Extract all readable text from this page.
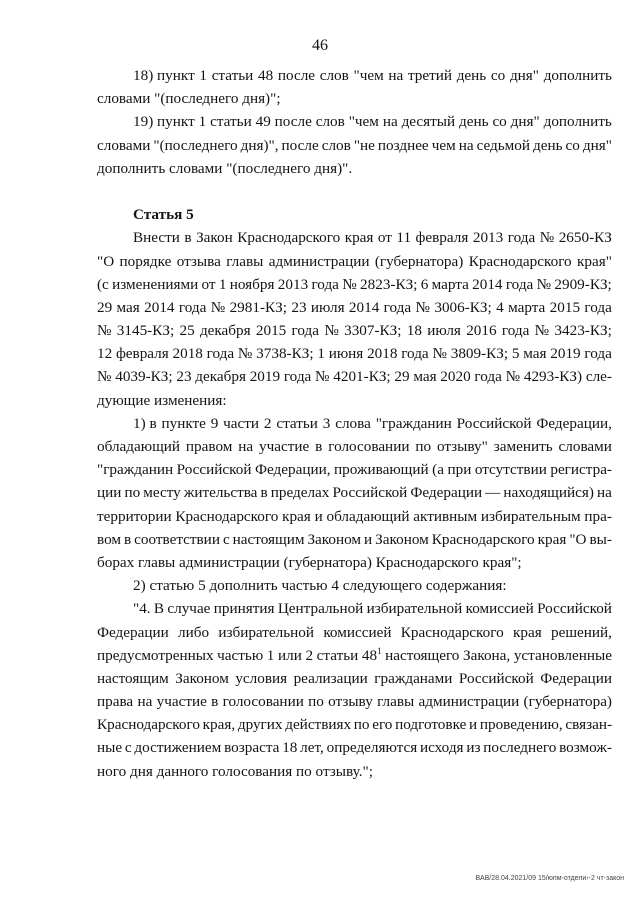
46
18) пункт 1 статьи 48 после слов "чем на третий день со дня" дополнить
словами "(последнего дня)";
19) пункт 1 статьи 49 после слов "чем на десятый день со дня" дополнить
словами "(последнего дня)", после слов "не позднее чем на седьмой день со дня"
дополнить словами "(последнего дня)".
Статья 5
Внести в Закон Краснодарского края от 11 февраля 2013 года № 2650-КЗ
"О порядке отзыва главы администрации (губернатора) Краснодарского края"
(с изменениями от 1 ноября 2013 года № 2823-КЗ; 6 марта 2014 года № 2909-КЗ;
29 мая 2014 года № 2981-КЗ; 23 июля 2014 года № 3006-КЗ; 4 марта 2015 года
№ 3145-КЗ; 25 декабря 2015 года № 3307-КЗ; 18 июля 2016 года № 3423-КЗ;
12 февраля 2018 года № 3738-КЗ; 1 июня 2018 года № 3809-КЗ; 5 мая 2019 года
№ 4039-КЗ; 23 декабря 2019 года № 4201-КЗ; 29 мая 2020 года № 4293-КЗ) сле-
дующие изменения:
1) в пункте 9 части 2 статьи 3 слова "гражданин Российской Федерации,
обладающий правом на участие в голосовании по отзыву" заменить словами
"гражданин Российской Федерации, проживающий (а при отсутствии регистра-
ции по месту жительства в пределах Российской Федерации — находящийся) на
территории Краснодарского края и обладающий активным избирательным пра-
вом в соответствии с настоящим Законом и Законом Краснодарского края "О вы-
борах главы администрации (губернатора) Краснодарского края";
2) статью 5 дополнить частью 4 следующего содержания:
"4. В случае принятия Центральной избирательной комиссией Российской
Федерации либо избирательной комиссией Краснодарского края решений,
предусмотренных частью 1 или 2 статьи $48^1$ настоящего Закона, установленные
настоящим Законом условия реализации гражданами Российской Федерации
права на участие в голосовании по отзыву главы администрации (губернатора)
Краснодарского края, других действиях по его подготовке и проведению, связан-
ные с достижением возраста 18 лет, определяются исходя из последнего возмож-
ного дня данного голосования по отзыву.";
ВАВ/28.04.2021/09 15/юпм-отдели›-2 чт-закон
